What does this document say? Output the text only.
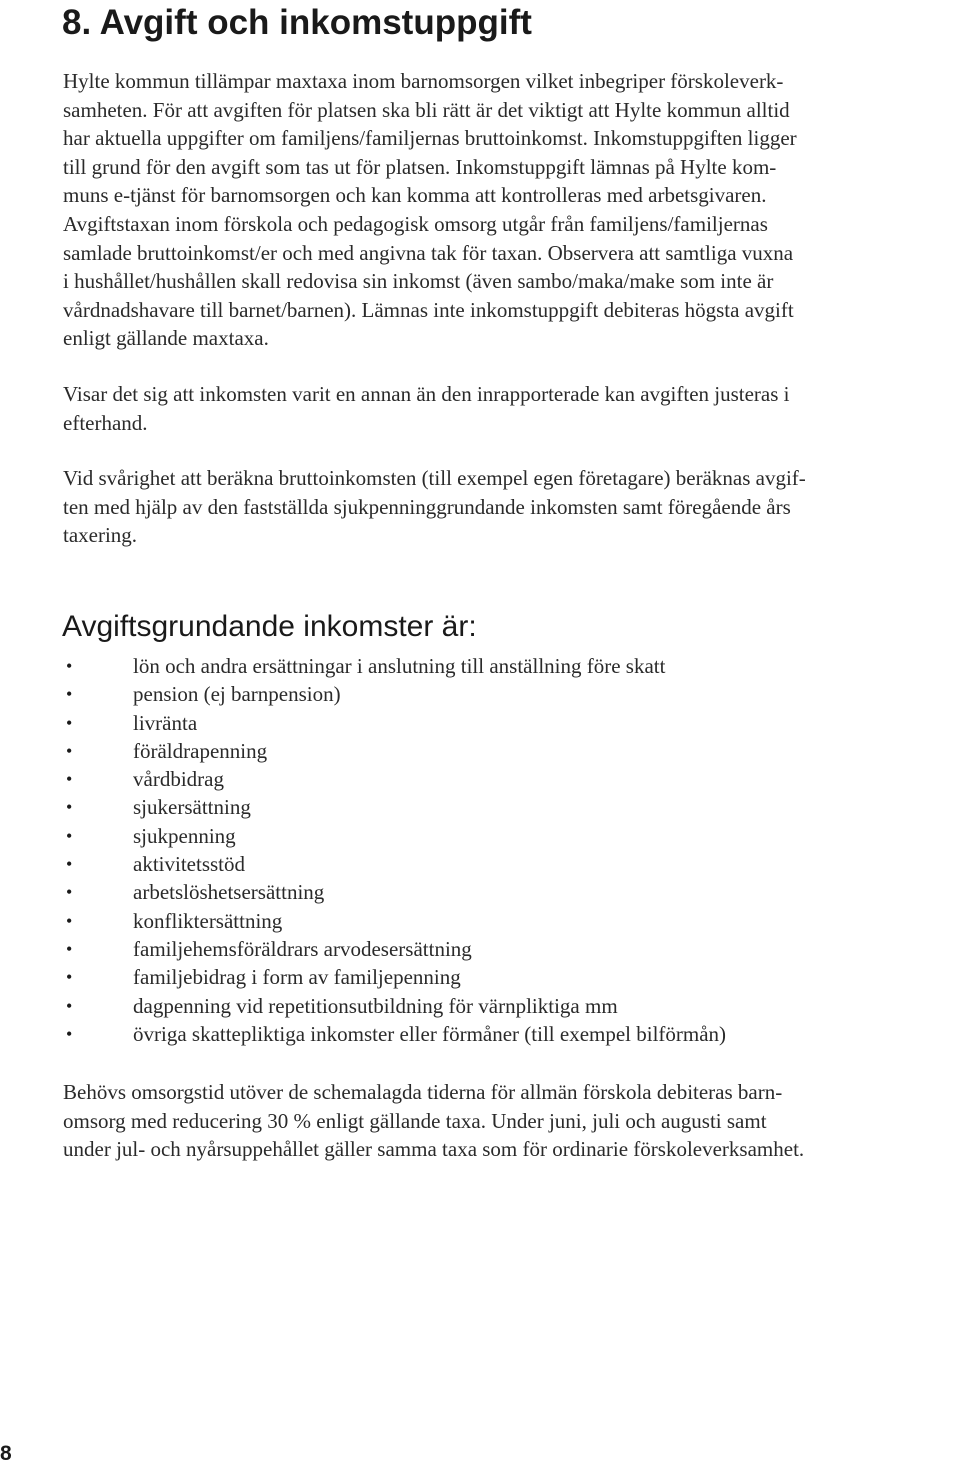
8. Avgift och inkomstuppgift

Hylte kommun tillämpar maxtaxa inom barnomsorgen vilket inbegriper förskoleverk-
samheten. För att avgiften för platsen ska bli rätt är det viktigt att Hylte kommun alltid
har aktuella uppgifter om familjens/familjernas bruttoinkomst. Inkomstuppgiften ligger
till grund för den avgift som tas ut för platsen. Inkomstuppgift lämnas på Hylte kom-
muns e-tjänst för barnomsorgen och kan komma att kontrolleras med arbetsgivaren.
Avgiftstaxan inom förskola och pedagogisk omsorg utgår från familjens/familjernas
samlade bruttoinkomst/er och med angivna tak för taxan. Observera att samtliga vuxna
i hushållet/hushållen skall redovisa sin inkomst (även sambo/maka/make som inte är
vårdnadshavare till barnet/barnen). Lämnas inte inkomstuppgift debiteras högsta avgift
enligt gällande maxtaxa.

Visar det sig att inkomsten varit en annan än den inrapporterade kan avgiften justeras i
efterhand.

Vid svårighet att beräkna bruttoinkomsten (till exempel egen företagare) beräknas avgif-
ten med hjälp av den fastställda sjukpenninggrundande inkomsten samt föregående års
taxering.

Avgiftsgrundande inkomster är:
•	lön och andra ersättningar i anslutning till anställning före skatt
•	pension (ej barnpension)
•	livränta
•	föräldrapenning
•	vårdbidrag
•	sjukersättning
•	sjukpenning
•	aktivitetsstöd
•	arbetslöshetsersättning
•	konfliktersättning
•	familjehemsföräldrars arvodesersättning
•	familjebidrag i form av familjepenning
•	dagpenning vid repetitionsutbildning för värnpliktiga mm
•	övriga skattepliktiga inkomster eller förmåner (till exempel bilförmån)

Behövs omsorgstid utöver de schemalagda tiderna för allmän förskola debiteras barn-
omsorg med reducering 30 % enligt gällande taxa. Under juni, juli och augusti samt
under jul- och nyårsuppehållet gäller samma taxa som för ordinarie förskoleverksamhet.

8
